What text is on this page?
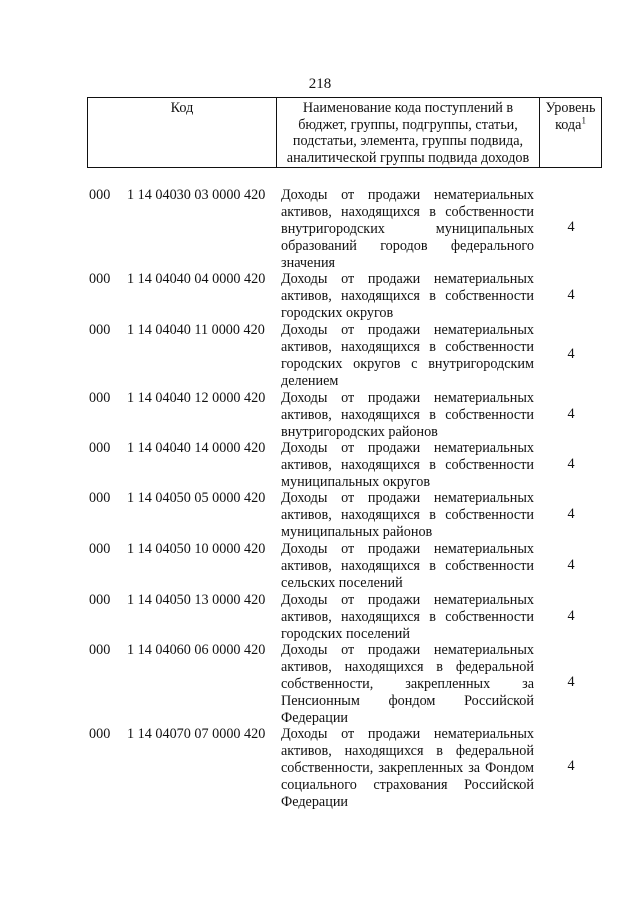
218
Код	Наименование кода поступлений в бюджет, группы, подгруппы, статьи, подстатьи, элемента, группы подвида, аналитической группы подвида доходов
Уровень кода$^1$
000 1 14 04030 03 0000 420 Доходы от продажи нематериальных активов, находящихся в собственности внутригородских муниципальных образований городов федерального значения
4
000 1 14 04040 04 0000 420 Доходы от продажи нематериальных активов, находящихся в собственности городских округов
4
000 1 14 04040 11 0000 420 Доходы от продажи нематериальных активов, находящихся в собственности городских округов с внутригородским делением
4
000 1 14 04040 12 0000 420 Доходы от продажи нематериальных активов, находящихся в собственности внутригородских районов
4
000 1 14 04040 14 0000 420 Доходы от продажи нематериальных активов, находящихся в собственности муниципальных округов
4
000 1 14 04050 05 0000 420 Доходы от продажи нематериальных активов, находящихся в собственности муниципальных районов
4
000 1 14 04050 10 0000 420 Доходы от продажи нематериальных активов, находящихся в собственности сельских поселений
4
000 1 14 04050 13 0000 420 Доходы от продажи нематериальных активов, находящихся в собственности городских поселений
4
000 1 14 04060 06 0000 420 Доходы от продажи нематериальных активов, находящихся в федеральной собственности, закрепленных за Пенсионным фондом Российской Федерации
4
000 1 14 04070 07 0000 420 Доходы от продажи нематериальных активов, находящихся в федеральной собственности, закрепленных за Фондом социального страхования Российской Федерации
4
